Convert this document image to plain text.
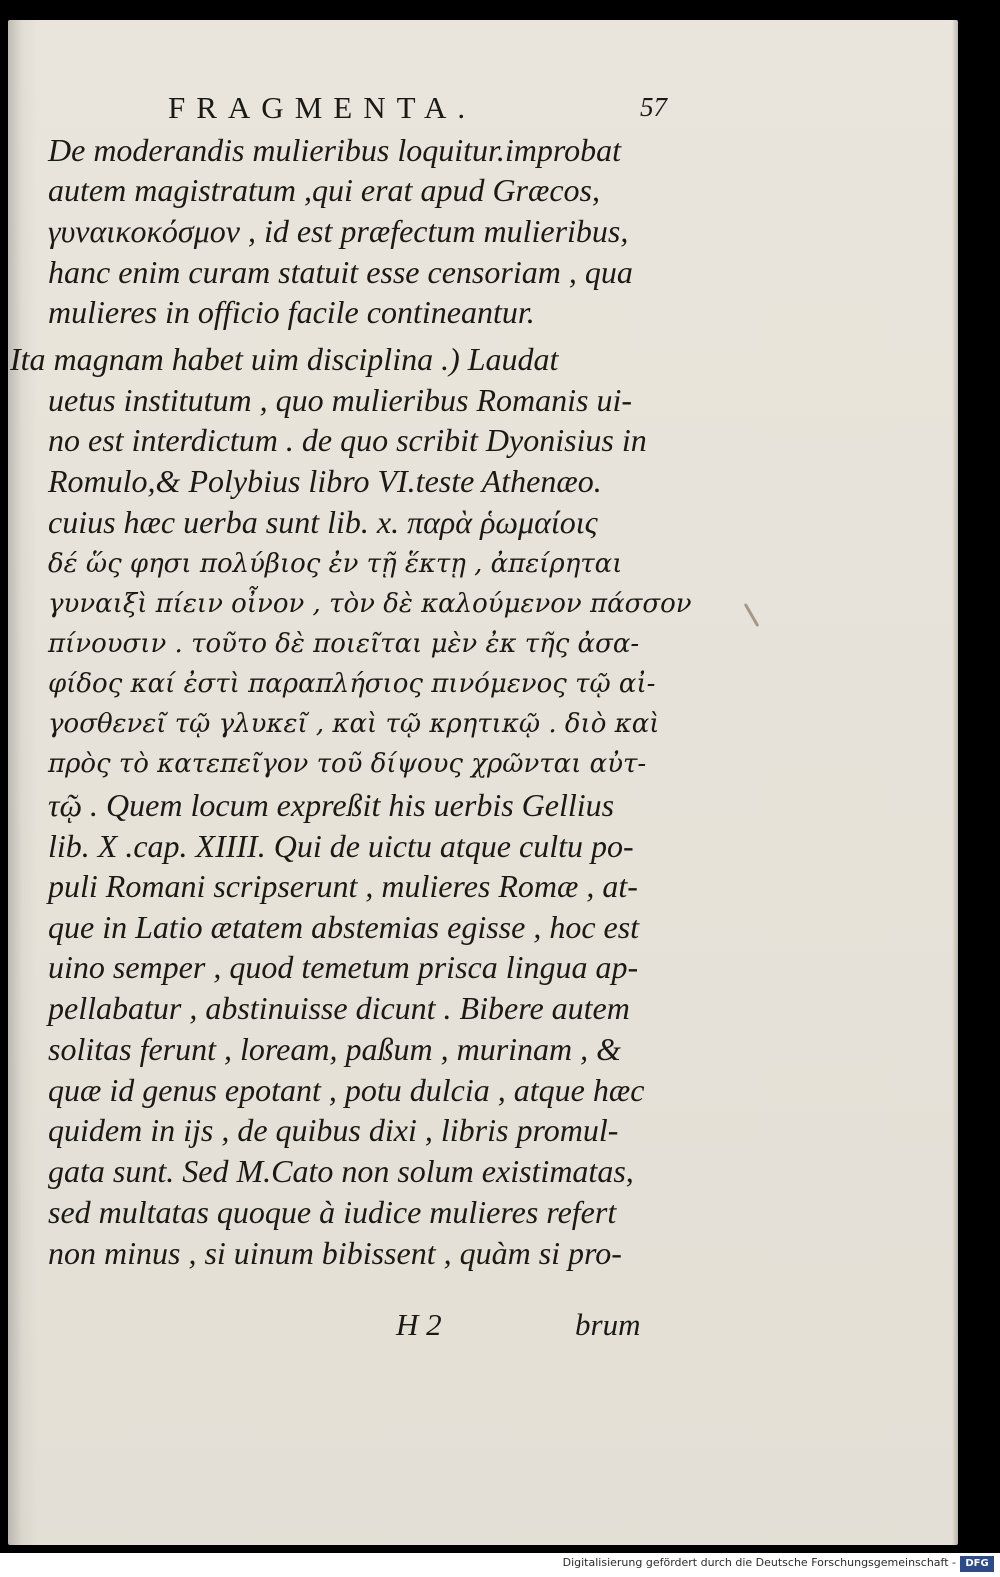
FRAGMENTA.	57
De moderandis mulieribus loquitur.improbat
autem magistratum ,qui erat apud Græcos,
γυναικοκόσμον , id est præfectum mulieribus,
hanc enim curam statuit esse censoriam , qua
mulieres in officio facile contineantur.
Ita magnam habet uim disciplina .) Laudat
uetus institutum , quo mulieribus Romanis ui-
no est interdictum . de quo scribit Dyonisius in
Romulo,& Polybius libro VI.teste Athenæo.
cuius hæc uerba sunt lib. x. παρὰ ῥωμαίοις
δέ ὥς φησι πολύβιος ἐν τῇ ἕκτῃ , ἀπείρηται
γυναιξὶ πίειν οἶνον , τὸν δὲ καλούμενον πάσσον
πίνουσιν . τοῦτο δὲ ποιεῖται μὲν ἐκ τῆς ἀσα-
φίδος καί ἐστὶ παραπλήσιος πινόμενος τῷ αἰ-
γοσθενεῖ τῷ γλυκεῖ , καὶ τῷ κρητικῷ . διὸ καὶ
πρὸς τὸ κατεπεῖγον τοῦ δίψους χρῶνται αὐτ-
τῷ . Quem locum expreßit his uerbis Gellius
lib. X .cap. XIIII. Qui de uictu atque cultu po-
puli Romani scripserunt , mulieres Romæ , at-
que in Latio ætatem abstemias egisse , hoc est
uino semper , quod temetum prisca lingua ap-
pellabatur , abstinuisse dicunt . Bibere autem
solitas ferunt , loream, paßum , murinam , &
quæ id genus epotant , potu dulcia , atque hæc
quidem in ijs , de quibus dixi , libris promul-
gata sunt. Sed M.Cato non solum existimatas,
sed multatas quoque à iudice mulieres refert
non minus , si uinum bibissent , quàm si pro-
H 2	brum
Digitalisierung gefördert durch die Deutsche Forschungsgemeinschaft - DFG
